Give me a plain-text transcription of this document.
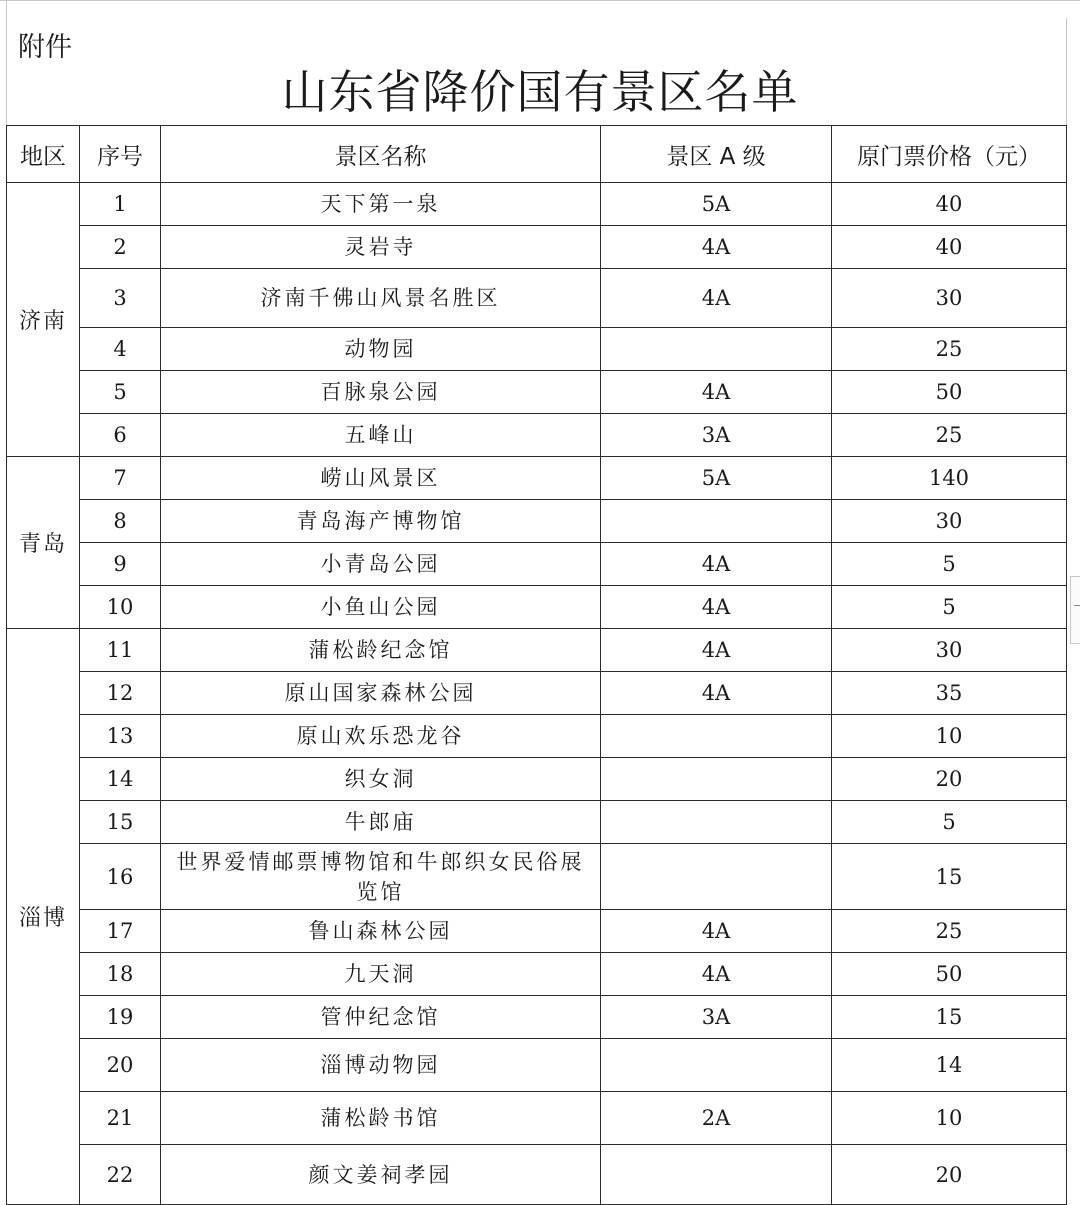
附件
山东省降价国有景区名单
地区	序号	景区名称	景区 A 级	原门票价格（元）
济南	1	天下第一泉	5A	40
	2	灵岩寺	4A	40
	3	济南千佛山风景名胜区	4A	30
	4	动物园		25
	5	百脉泉公园	4A	50
	6	五峰山	3A	25
青岛	7	崂山风景区	5A	140
	8	青岛海产博物馆		30
	9	小青岛公园	4A	5
	10	小鱼山公园	4A	5
淄博	11	蒲松龄纪念馆	4A	30
	12	原山国家森林公园	4A	35
	13	原山欢乐恐龙谷		10
	14	织女洞		20
	15	牛郎庙		5
	16	世界爱情邮票博物馆和牛郎织女民俗展览馆		15
	17	鲁山森林公园	4A	25
	18	九天洞	4A	50
	19	管仲纪念馆	3A	15
	20	淄博动物园		14
	21	蒲松龄书馆	2A	10
	22	颜文姜祠孝园		20
